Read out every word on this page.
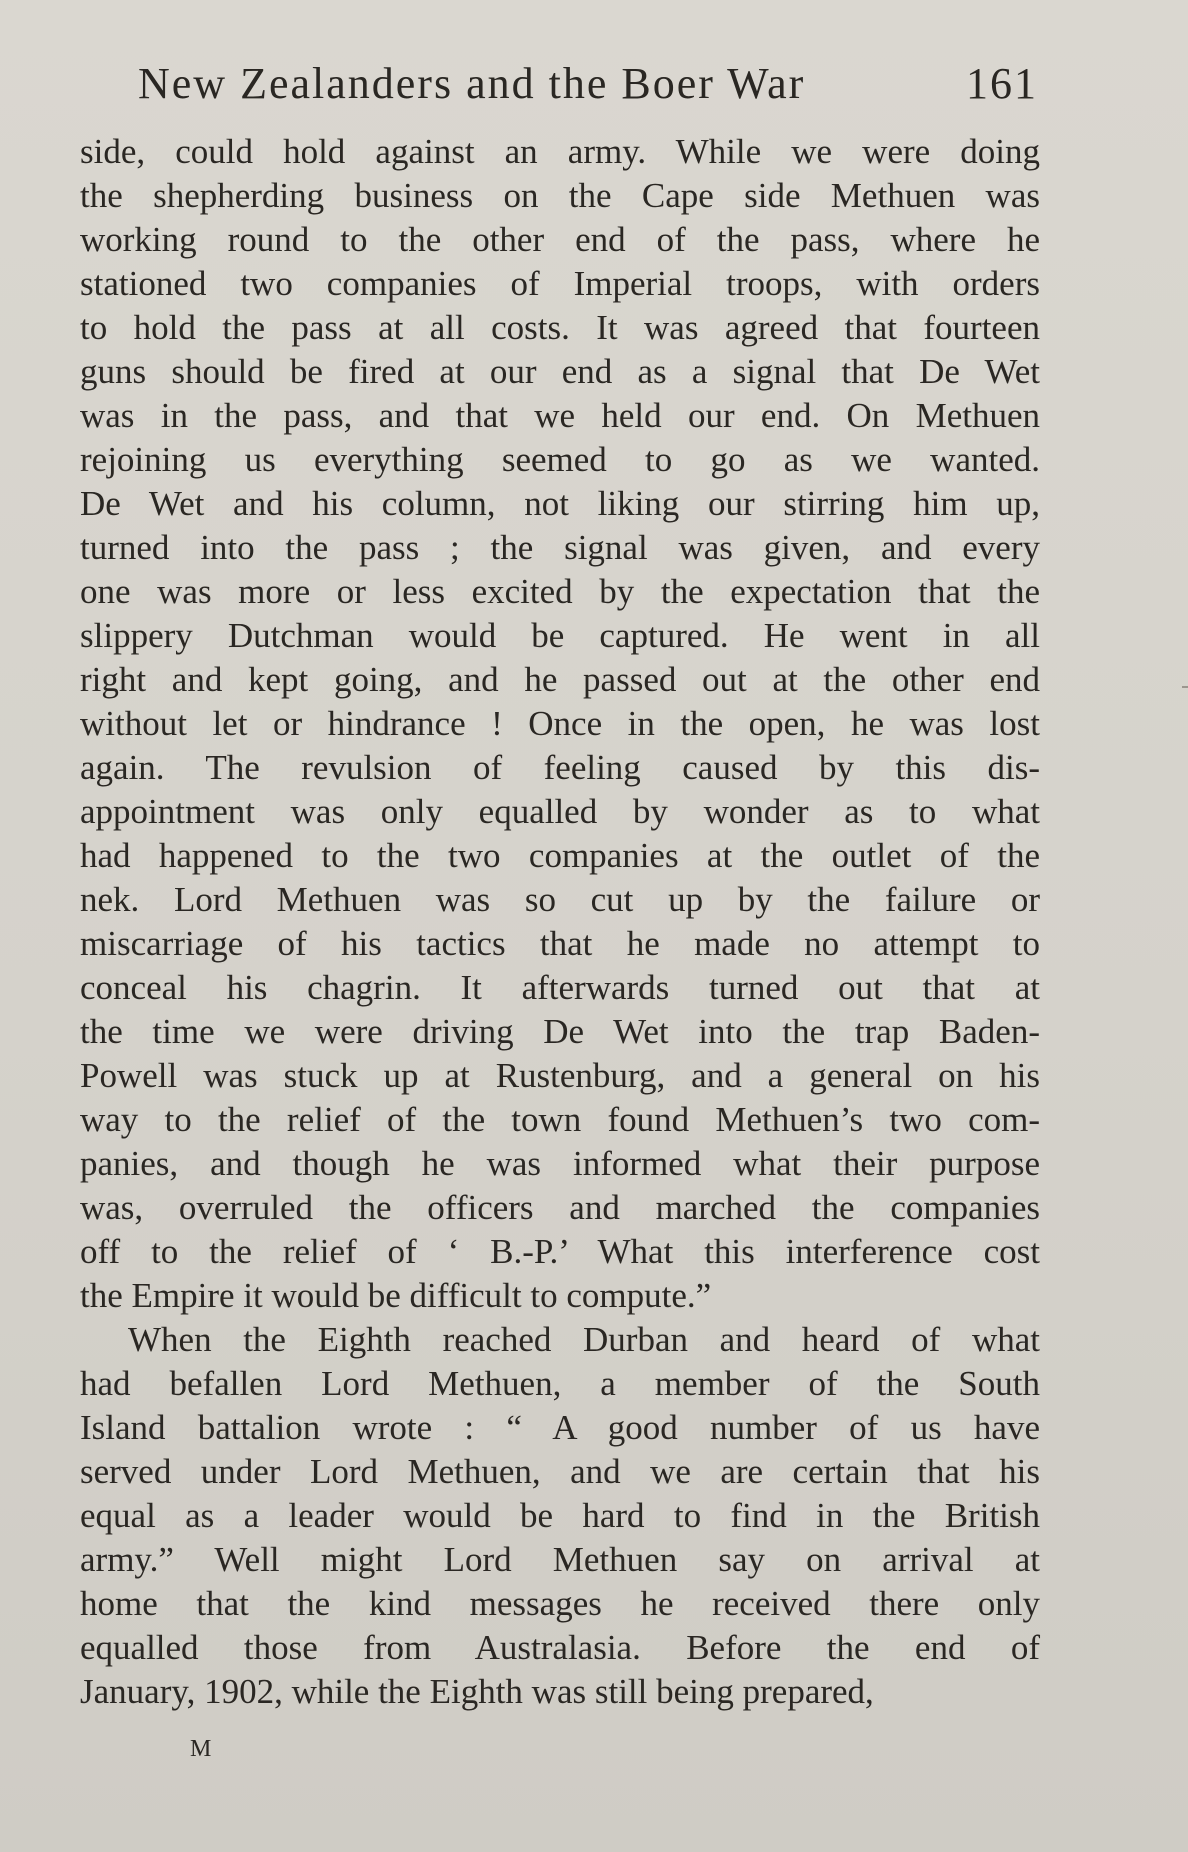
New Zealanders and the Boer War	161
side, could hold against an army. While we were doing
the shepherding business on the Cape side Methuen was
working round to the other end of the pass, where he
stationed two companies of Imperial troops, with orders
to hold the pass at all costs. It was agreed that fourteen
guns should be fired at our end as a signal that De Wet
was in the pass, and that we held our end. On Methuen
rejoining us everything seemed to go as we wanted.
De Wet and his column, not liking our stirring him up,
turned into the pass ; the signal was given, and every
one was more or less excited by the expectation that the
slippery Dutchman would be captured. He went in all
right and kept going, and he passed out at the other end
without let or hindrance ! Once in the open, he was lost
again. The revulsion of feeling caused by this dis-
appointment was only equalled by wonder as to what
had happened to the two companies at the outlet of the
nek. Lord Methuen was so cut up by the failure or
miscarriage of his tactics that he made no attempt to
conceal his chagrin. It afterwards turned out that at
the time we were driving De Wet into the trap Baden-
Powell was stuck up at Rustenburg, and a general on his
way to the relief of the town found Methuen’s two com-
panies, and though he was informed what their purpose
was, overruled the officers and marched the companies
off to the relief of ‘ B.-P.’ What this interference cost
the Empire it would be difficult to compute.”
When the Eighth reached Durban and heard of what
had befallen Lord Methuen, a member of the South
Island battalion wrote : “ A good number of us have
served under Lord Methuen, and we are certain that his
equal as a leader would be hard to find in the British
army.” Well might Lord Methuen say on arrival at
home that the kind messages he received there only
equalled those from Australasia. Before the end of
January, 1902, while the Eighth was still being prepared,
M
